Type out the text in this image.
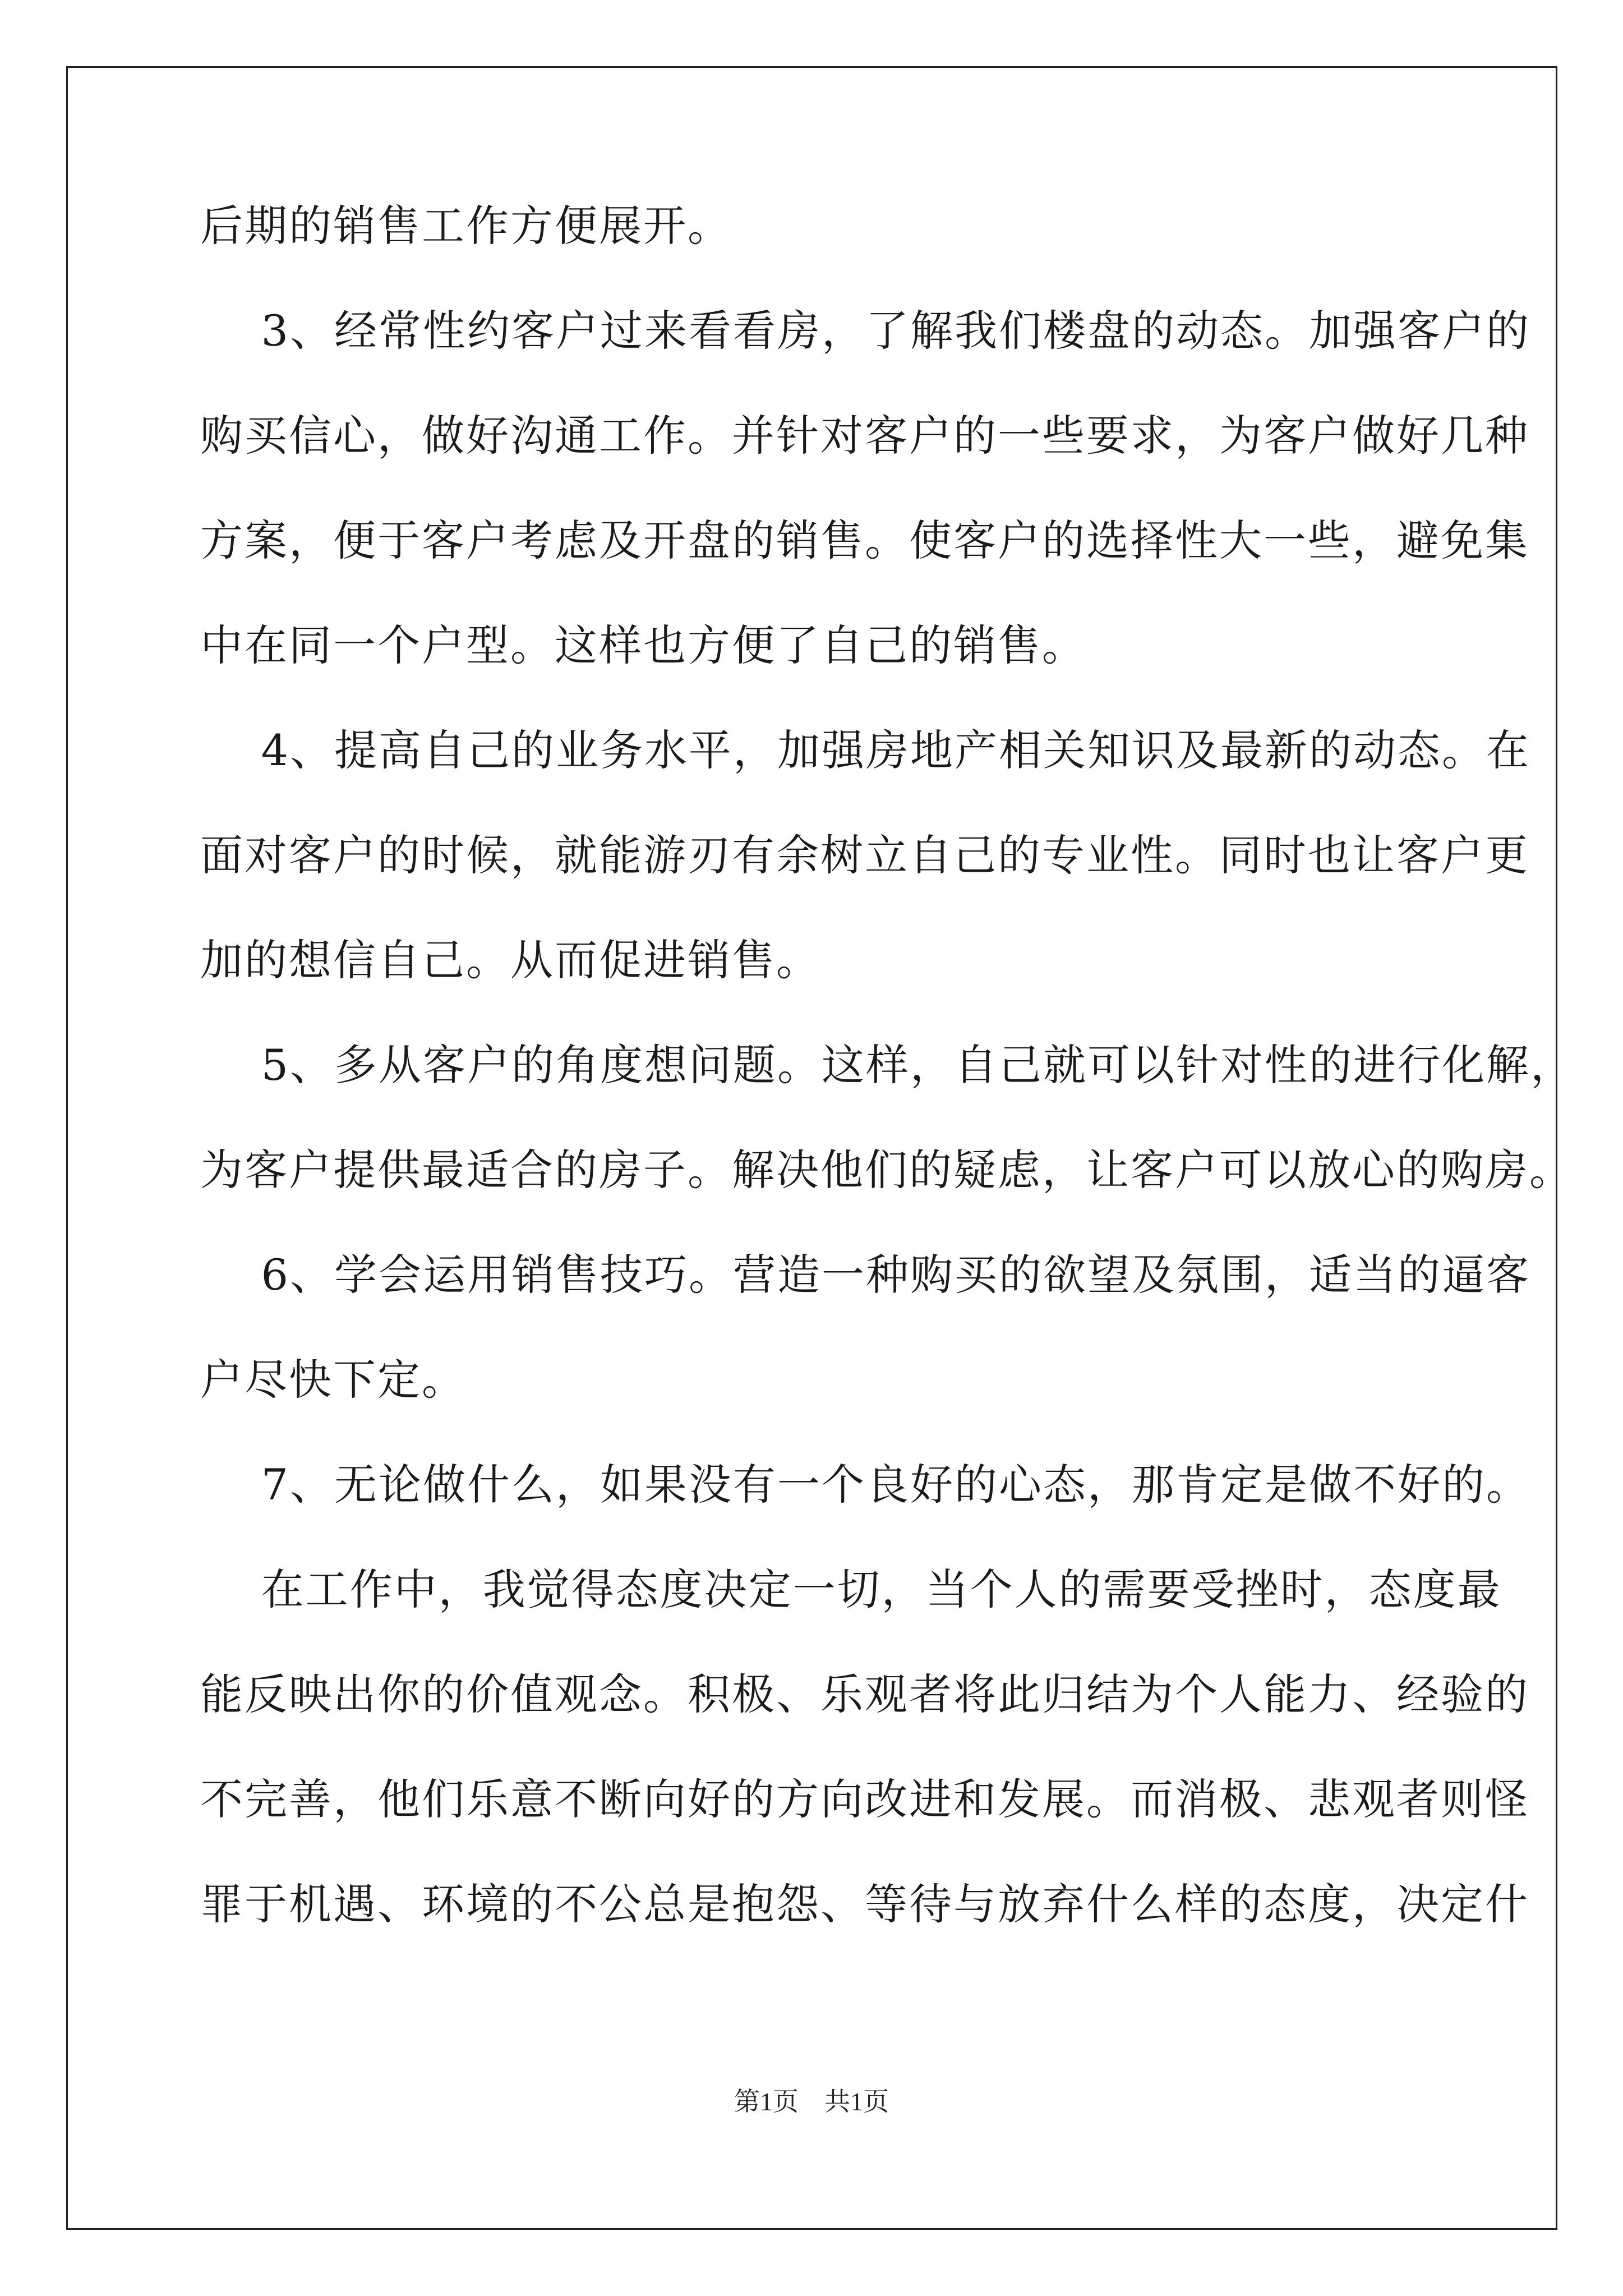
后期的销售工作方便展开。
3、经常性约客户过来看看房，了解我们楼盘的动态。加强客户的
购买信心，做好沟通工作。并针对客户的一些要求，为客户做好几种
方案，便于客户考虑及开盘的销售。使客户的选择性大一些，避免集
中在同一个户型。这样也方便了自己的销售。
4、提高自己的业务水平，加强房地产相关知识及最新的动态。在
面对客户的时候，就能游刃有余树立自己的专业性。同时也让客户更
加的想信自己。从而促进销售。
5、多从客户的角度想问题。这样，自己就可以针对性的进行化解，
为客户提供最适合的房子。解决他们的疑虑，让客户可以放心的购房。
6、学会运用销售技巧。营造一种购买的欲望及氛围，适当的逼客
户尽快下定。
7、无论做什么，如果没有一个良好的心态，那肯定是做不好的。
在工作中，我觉得态度决定一切，当个人的需要受挫时，态度最
能反映出你的价值观念。积极、乐观者将此归结为个人能力、经验的
不完善，他们乐意不断向好的方向改进和发展。而消极、悲观者则怪
罪于机遇、环境的不公总是抱怨、等待与放弃什么样的态度，决定什
第1页　共1页
